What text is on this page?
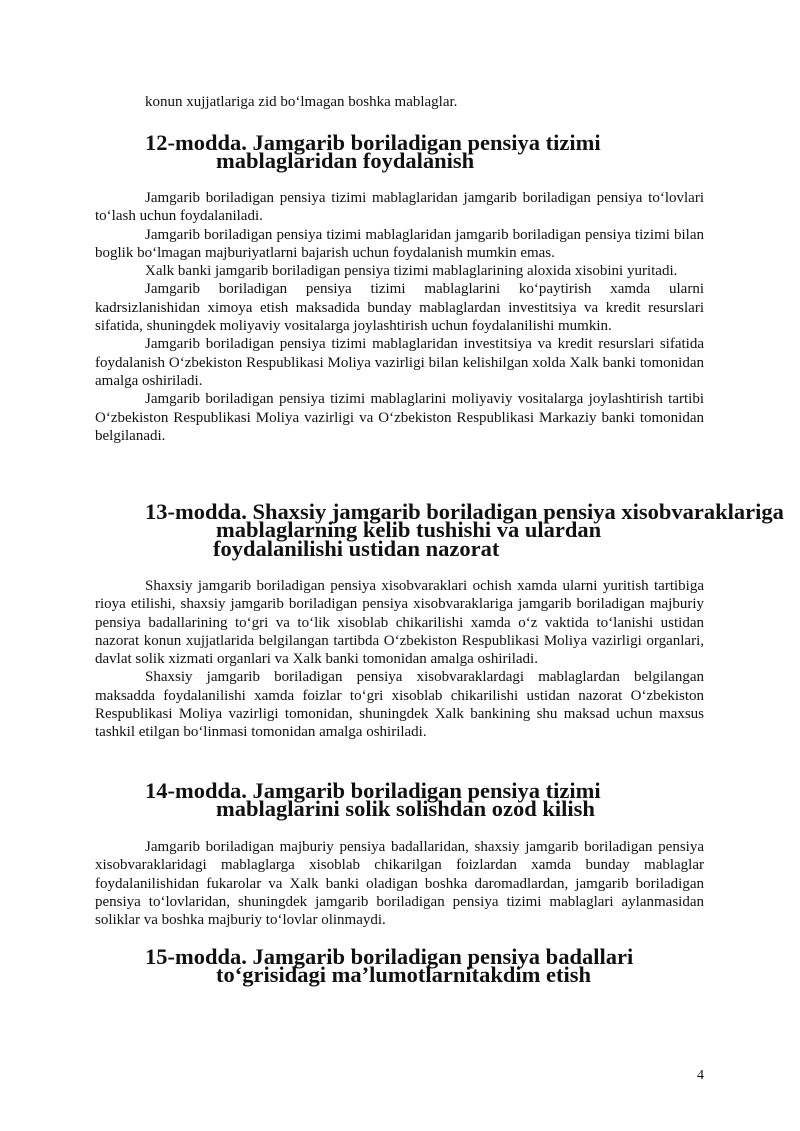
konun xujjatlariga zid bo‘lmagan boshka mablaglar.

12-modda. Jamgarib boriladigan pensiya tizimi
mablaglaridan foydalanish

Jamgarib boriladigan pensiya tizimi mablaglaridan jamgarib boriladigan pensiya to‘lovlari to‘lash uchun foydalaniladi.

Jamgarib boriladigan pensiya tizimi mablaglaridan jamgarib boriladigan pensiya tizimi bilan boglik bo‘lmagan majburiyatlarni bajarish uchun foydalanish mumkin emas.

Xalk banki jamgarib boriladigan pensiya tizimi mablaglarining aloxida xisobini yuritadi.

Jamgarib boriladigan pensiya tizimi mablaglarini ko‘paytirish xamda ularni kadrsizlanishidan ximoya etish maksadida bunday mablaglardan investitsiya va kredit resurslari sifatida, shuningdek moliyaviy vositalarga joylashtirish uchun foydalanilishi mumkin.

Jamgarib boriladigan pensiya tizimi mablaglaridan investitsiya va kredit resurslari sifatida foydalanish O‘zbekiston Respublikasi Moliya vazirligi bilan kelishilgan xolda Xalk banki tomonidan amalga oshiriladi.

Jamgarib boriladigan pensiya tizimi mablaglarini moliyaviy vositalarga joylashtirish tartibi O‘zbekiston Respublikasi Moliya vazirligi va O‘zbekiston Respublikasi Markaziy banki tomonidan belgilanadi.

13-modda. Shaxsiy jamgarib boriladigan pensiya xisobvaraklariga
mablaglarning kelib tushishi va ulardan
foydalanilishi ustidan nazorat

Shaxsiy jamgarib boriladigan pensiya xisobvaraklari ochish xamda ularni yuritish tartibiga rioya etilishi, shaxsiy jamgarib boriladigan pensiya xisobvaraklariga jamgarib boriladigan majburiy pensiya badallarining to‘gri va to‘lik xisoblab chikarilishi xamda o‘z vaktida to‘lanishi ustidan nazorat konun xujjatlarida belgilangan tartibda O‘zbekiston Respublikasi Moliya vazirligi organlari, davlat solik xizmati organlari va Xalk banki tomonidan amalga oshiriladi.

Shaxsiy jamgarib boriladigan pensiya xisobvaraklardagi mablaglardan belgilangan maksadda foydalanilishi xamda foizlar to‘gri xisoblab chikarilishi ustidan nazorat O‘zbekiston Respublikasi Moliya vazirligi tomonidan, shuningdek Xalk bankining shu maksad uchun maxsus tashkil etilgan bo‘linmasi tomonidan amalga oshiriladi.

14-modda. Jamgarib boriladigan pensiya tizimi
mablaglarini solik solishdan ozod kilish

Jamgarib boriladigan majburiy pensiya badallaridan, shaxsiy jamgarib boriladigan pensiya xisobvaraklaridagi mablaglarga xisoblab chikarilgan foizlardan xamda bunday mablaglar foydalanilishidan fukarolar va Xalk banki oladigan boshka daromadlardan, jamgarib boriladigan pensiya to‘lovlaridan, shuningdek jamgarib boriladigan pensiya tizimi mablaglari aylanmasidan soliklar va boshka majburiy to‘lovlar olinmaydi.

15-modda. Jamgarib boriladigan pensiya badallari
to‘grisidagi ma’lumotlarnitakdim etish
4
